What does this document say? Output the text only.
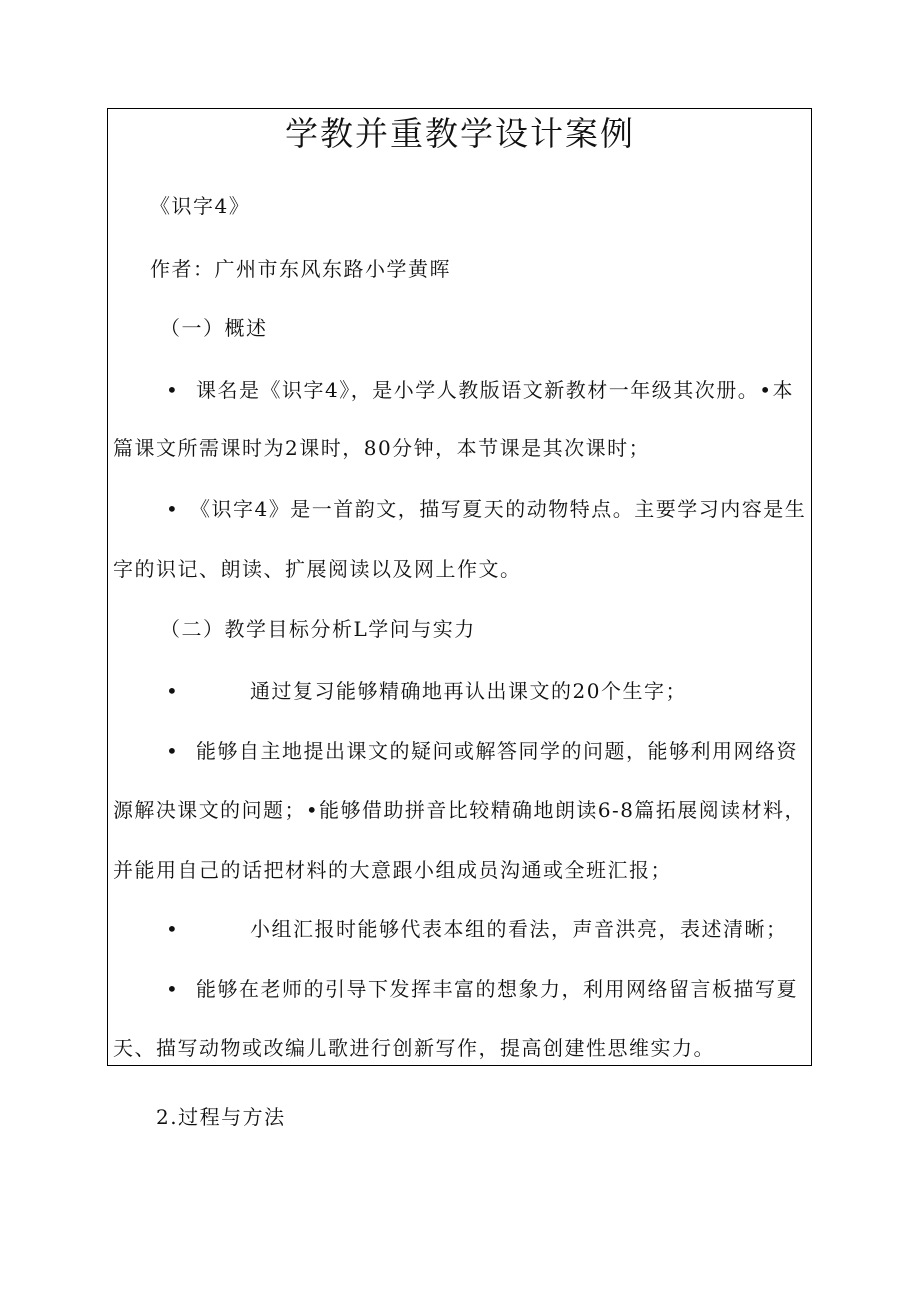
学教并重教学设计案例
《识字4》
作者：广州市东风东路小学黄晖
（一）概述
• 课名是《识字4》，是小学人教版语文新教材一年级其次册。•本
篇课文所需课时为2课时，80分钟，本节课是其次课时；
• 《识字4》是一首韵文，描写夏天的动物特点。主要学习内容是生
字的识记、朗读、扩展阅读以及网上作文。
（二）教学目标分析L学问与实力
•	通过复习能够精确地再认出课文的20个生字；
• 能够自主地提出课文的疑问或解答同学的问题，能够利用网络资
源解决课文的问题；•能够借助拼音比较精确地朗读6-8篇拓展阅读材料，
并能用自己的话把材料的大意跟小组成员沟通或全班汇报；
•	小组汇报时能够代表本组的看法，声音洪亮，表述清晰；
• 能够在老师的引导下发挥丰富的想象力，利用网络留言板描写夏
天、描写动物或改编儿歌进行创新写作，提高创建性思维实力。
2.过程与方法
